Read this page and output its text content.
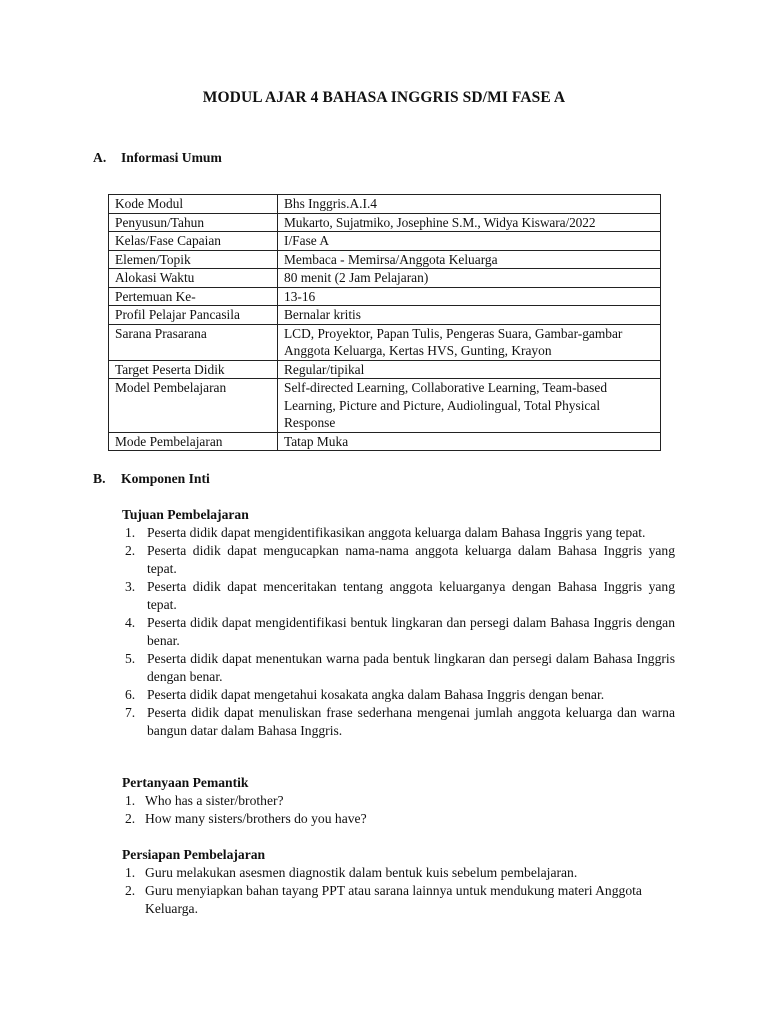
MODUL AJAR 4 BAHASA INGGRIS SD/MI FASE A
A. Informasi Umum
Kode Modul	Bhs Inggris.A.I.4
Penyusun/Tahun	Mukarto, Sujatmiko, Josephine S.M., Widya Kiswara/2022
Kelas/Fase Capaian	I/Fase A
Elemen/Topik	Membaca - Memirsa/Anggota Keluarga
Alokasi Waktu	80 menit (2 Jam Pelajaran)
Pertemuan Ke-	13-16
Profil Pelajar Pancasila	Bernalar kritis
Sarana Prasarana	LCD, Proyektor, Papan Tulis, Pengeras Suara, Gambar-gambar Anggota Keluarga, Kertas HVS, Gunting, Krayon
Target Peserta Didik	Regular/tipikal
Model Pembelajaran	Self-directed Learning, Collaborative Learning, Team-based Learning, Picture and Picture, Audiolingual, Total Physical Response
Mode Pembelajaran	Tatap Muka
B. Komponen Inti
Tujuan Pembelajaran
1. Peserta didik dapat mengidentifikasikan anggota keluarga dalam Bahasa Inggris yang tepat.
2. Peserta didik dapat mengucapkan nama-nama anggota keluarga dalam Bahasa Inggris yang tepat.
3. Peserta didik dapat menceritakan tentang anggota keluarganya dengan Bahasa Inggris yang tepat.
4. Peserta didik dapat mengidentifikasi bentuk lingkaran dan persegi dalam Bahasa Inggris dengan benar.
5. Peserta didik dapat menentukan warna pada bentuk lingkaran dan persegi dalam Bahasa Inggris dengan benar.
6. Peserta didik dapat mengetahui kosakata angka dalam Bahasa Inggris dengan benar.
7. Peserta didik dapat menuliskan frase sederhana mengenai jumlah anggota keluarga dan warna bangun datar dalam Bahasa Inggris.
Pertanyaan Pemantik
1. Who has a sister/brother?
2. How many sisters/brothers do you have?
Persiapan Pembelajaran
1. Guru melakukan asesmen diagnostik dalam bentuk kuis sebelum pembelajaran.
2. Guru menyiapkan bahan tayang PPT atau sarana lainnya untuk mendukung materi Anggota Keluarga.
